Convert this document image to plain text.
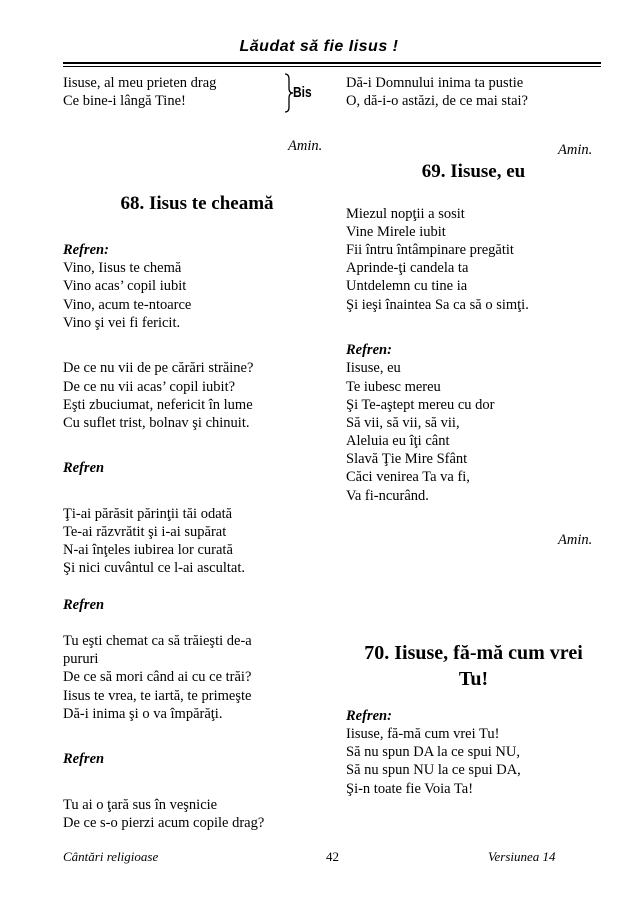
Lăudat să fie Iisus !
Iisuse, al meu prieten drag
Ce bine-i lângă Tine!	Bis
Amin.
68. Iisus te cheamă
Refren:
Vino, Iisus te chemă
Vino acas’ copil iubit
Vino, acum te-ntoarce
Vino şi vei fi fericit.
De ce nu vii de pe cărări străine?
De ce nu vii acas’ copil iubit?
Eşti zbuciumat, nefericit în lume
Cu suflet trist, bolnav şi chinuit.
Refren
Ţi-ai părăsit părinţii tăi odată
Te-ai răzvrătit şi i-ai supărat
N-ai înţeles iubirea lor curată
Şi nici cuvântul ce l-ai ascultat.
Refren
Tu eşti chemat ca să trăieşti de-a
pururi
De ce să mori când ai cu ce trăi?
Iisus te vrea, te iartă, te primeşte
Dă-i inima şi o va împărăţi.
Refren
Tu ai o ţară sus în veşnicie
De ce s-o pierzi acum copile drag?
Dă-i Domnului inima ta pustie
O, dă-i-o astăzi, de ce mai stai?
Amin.
69. Iisuse, eu
Miezul nopţii a sosit
Vine Mirele iubit
Fii întru întâmpinare pregătit
Aprinde-ţi candela ta
Untdelemn cu tine ia
Şi ieşi înaintea Sa ca să o simţi.
Refren:
Iisuse, eu
Te iubesc mereu
Şi Te-aştept mereu cu dor
Să vii, să vii, să vii,
Aleluia eu îţi cânt
Slavă Ţie Mire Sfânt
Căci venirea Ta va fi,
Va fi-ncurând.
Amin.
70. Iisuse, fă-mă cum vrei
Tu!
Refren:
Iisuse, fă-mă cum vrei Tu!
Să nu spun DA la ce spui NU,
Să nu spun NU la ce spui DA,
Şi-n toate fie Voia Ta!
Cântări religioase	42	Versiunea 14
